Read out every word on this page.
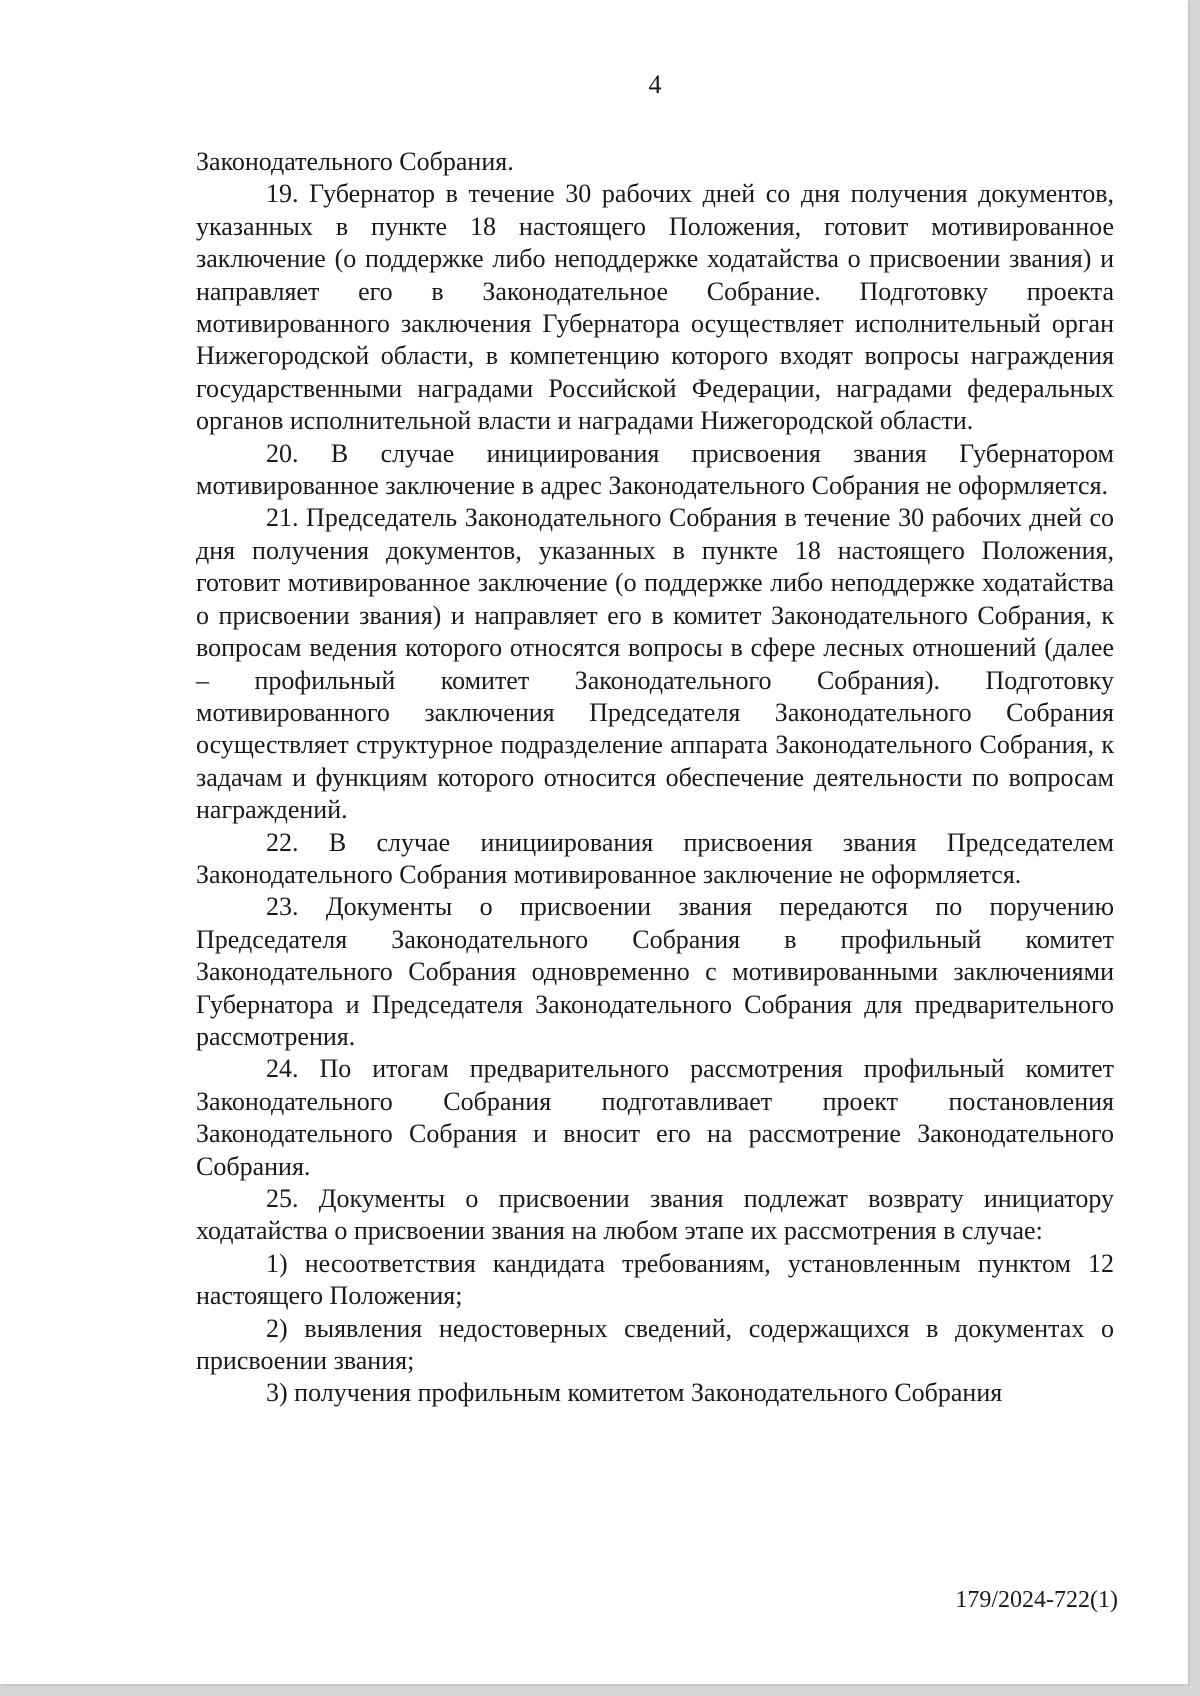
4

Законодательного Собрания.

19. Губернатор в течение 30 рабочих дней со дня получения документов, указанных в пункте 18 настоящего Положения, готовит мотивированное заключение (о поддержке либо неподдержке ходатайства о присвоении звания) и направляет его в Законодательное Собрание. Подготовку проекта мотивированного заключения Губернатора осуществляет исполнительный орган Нижегородской области, в компетенцию которого входят вопросы награждения государственными наградами Российской Федерации, наградами федеральных органов исполнительной власти и наградами Нижегородской области.

20. В случае инициирования присвоения звания Губернатором мотивированное заключение в адрес Законодательного Собрания не оформляется.

21. Председатель Законодательного Собрания в течение 30 рабочих дней со дня получения документов, указанных в пункте 18 настоящего Положения, готовит мотивированное заключение (о поддержке либо неподдержке ходатайства о присвоении звания) и направляет его в комитет Законодательного Собрания, к вопросам ведения которого относятся вопросы в сфере лесных отношений (далее – профильный комитет Законодательного Собрания). Подготовку мотивированного заключения Председателя Законодательного Собрания осуществляет структурное подразделение аппарата Законодательного Собрания, к задачам и функциям которого относится обеспечение деятельности по вопросам награждений.

22. В случае инициирования присвоения звания Председателем Законодательного Собрания мотивированное заключение не оформляется.

23. Документы о присвоении звания передаются по поручению Председателя Законодательного Собрания в профильный комитет Законодательного Собрания одновременно с мотивированными заключениями Губернатора и Председателя Законодательного Собрания для предварительного рассмотрения.

24. По итогам предварительного рассмотрения профильный комитет Законодательного Собрания подготавливает проект постановления Законодательного Собрания и вносит его на рассмотрение Законодательного Собрания.

25. Документы о присвоении звания подлежат возврату инициатору ходатайства о присвоении звания на любом этапе их рассмотрения в случае:

1) несоответствия кандидата требованиям, установленным пунктом 12 настоящего Положения;

2) выявления недостоверных сведений, содержащихся в документах о присвоении звания;

3) получения профильным комитетом Законодательного Собрания

179/2024-722(1)
